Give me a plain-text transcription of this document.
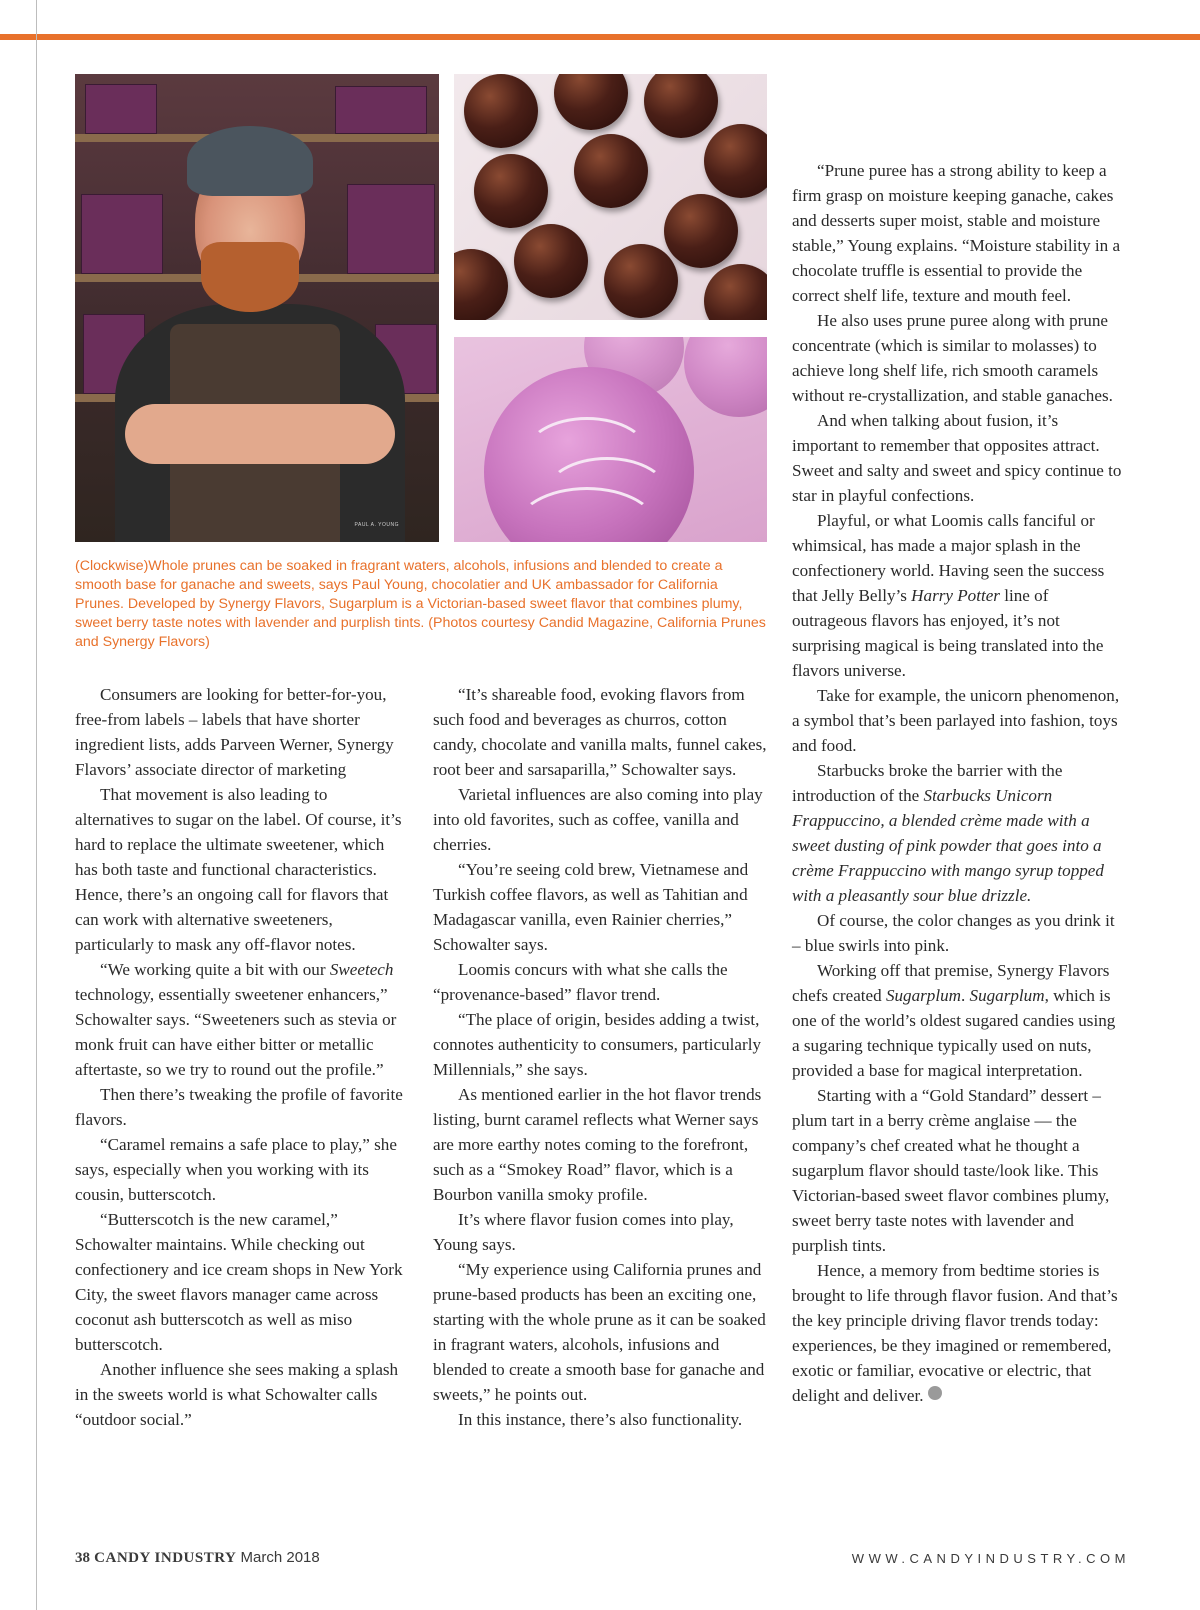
PAUL A. YOUNG

(Clockwise)Whole prunes can be soaked in fragrant waters, alcohols, infusions and blended to create a smooth base for ganache and sweets, says Paul Young, chocolatier and UK ambassador for California Prunes. Developed by Synergy Flavors, Sugarplum is a Victorian-based sweet flavor that combines plumy, sweet berry taste notes with lavender and purplish tints. (Photos courtesy Candid Magazine, California Prunes and Synergy Flavors)

Consumers are looking for better-for-you, free-from labels – labels that have shorter ingredient lists, adds Parveen Werner, Synergy Flavors’ associate director of marketing

That movement is also leading to alternatives to sugar on the label. Of course, it’s hard to replace the ultimate sweetener, which has both taste and functional characteristics. Hence, there’s an ongoing call for flavors that can work with alternative sweeteners, particularly to mask any off-flavor notes.

“We working quite a bit with our Sweetech technology, essentially sweetener enhancers,” Schowalter says. “Sweeteners such as stevia or monk fruit can have either bitter or metallic aftertaste, so we try to round out the profile.”

Then there’s tweaking the profile of favorite flavors.

“Caramel remains a safe place to play,” she says, especially when you working with its cousin, butterscotch.

“Butterscotch is the new caramel,” Schowalter maintains. While checking out confectionery and ice cream shops in New York City, the sweet flavors manager came across coconut ash butterscotch as well as miso butterscotch.

Another influence she sees making a splash in the sweets world is what Schowalter calls “outdoor social.”

“It’s shareable food, evoking flavors from such food and beverages as churros, cotton candy, chocolate and vanilla malts, funnel cakes, root beer and sarsaparilla,” Schowalter says.

Varietal influences are also coming into play into old favorites, such as coffee, vanilla and cherries.

“You’re seeing cold brew, Vietnamese and Turkish coffee flavors, as well as Tahitian and Madagascar vanilla, even Rainier cherries,” Schowalter says.

Loomis concurs with what she calls the “provenance-based” flavor trend.

“The place of origin, besides adding a twist, connotes authenticity to consumers, particularly Millennials,” she says.

As mentioned earlier in the hot flavor trends listing, burnt caramel reflects what Werner says are more earthy notes coming to the forefront, such as a “Smokey Road” flavor, which is a Bourbon vanilla smoky profile.

It’s where flavor fusion comes into play, Young says.

“My experience using California prunes and prune-based products has been an exciting one, starting with the whole prune as it can be soaked in fragrant waters, alcohols, infusions and blended to create a smooth base for ganache and sweets,” he points out.

In this instance, there’s also functionality.

“Prune puree has a strong ability to keep a firm grasp on moisture keeping ganache, cakes and desserts super moist, stable and moisture stable,” Young explains. “Moisture stability in a chocolate truffle is essential to provide the correct shelf life, texture and mouth feel.

He also uses prune puree along with prune concentrate (which is similar to molasses) to achieve long shelf life, rich smooth caramels without re-crystallization, and stable ganaches.

And when talking about fusion, it’s important to remember that opposites attract. Sweet and salty and sweet and spicy continue to star in playful confections.

Playful, or what Loomis calls fanciful or whimsical, has made a major splash in the confectionery world. Having seen the success that Jelly Belly’s Harry Potter line of outrageous flavors has enjoyed, it’s not surprising magical is being translated into the flavors universe.

Take for example, the unicorn phenomenon, a symbol that’s been parlayed into fashion, toys and food.

Starbucks broke the barrier with the introduction of the Starbucks Unicorn Frappuccino, a blended crème made with a sweet dusting of pink powder that goes into a crème Frappuccino with mango syrup topped with a pleasantly sour blue drizzle.

Of course, the color changes as you drink it – blue swirls into pink.

Working off that premise, Synergy Flavors chefs created Sugarplum. Sugarplum, which is one of the world’s oldest sugared candies using a sugaring technique typically used on nuts, provided a base for magical interpretation.

Starting with a “Gold Standard” dessert – plum tart in a berry crème anglaise — the company’s chef created what he thought a sugarplum flavor should taste/look like. This Victorian-based sweet flavor combines plumy, sweet berry taste notes with lavender and purplish tints.

Hence, a memory from bedtime stories is brought to life through flavor fusion. And that’s the key principle driving flavor trends today: experiences, be they imagined or remembered, exotic or familiar, evocative or electric, that delight and deliver.

38 CANDY INDUSTRY March 2018	WWW.CANDYINDUSTRY.COM
